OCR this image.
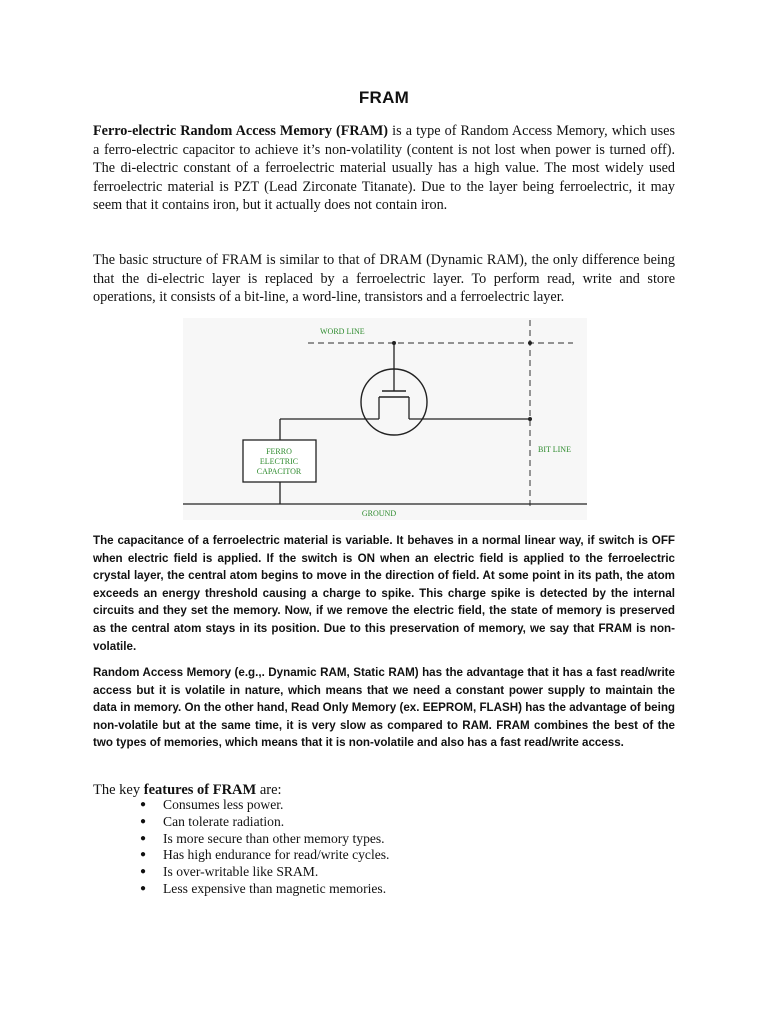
FRAM

Ferro-electric Random Access Memory (FRAM) is a type of Random Access Memory, which uses a ferro-electric capacitor to achieve it’s non-volatility (content is not lost when power is turned off). The di-electric constant of a ferroelectric material usually has a high value. The most widely used ferroelectric material is PZT (Lead Zirconate Titanate). Due to the layer being ferroelectric, it may seem that it contains iron, but it actually does not contain iron.

The basic structure of FRAM is similar to that of DRAM (Dynamic RAM), the only difference being that the di-electric layer is replaced by a ferroelectric layer. To perform read, write and store operations, it consists of a bit-line, a word-line, transistors and a ferroelectric layer.

FERRO
ELECTRIC
CAPACITOR
WORD LINE
BIT LINE
GROUND

The capacitance of a ferroelectric material is variable. It behaves in a normal linear way, if switch is OFF when electric field is applied. If the switch is ON when an electric field is applied to the ferroelectric crystal layer, the central atom begins to move in the direction of field. At some point in its path, the atom exceeds an energy threshold causing a charge to spike. This charge spike is detected by the internal circuits and they set the memory. Now, if we remove the electric field, the state of memory is preserved as the central atom stays in its position. Due to this preservation of memory, we say that FRAM is non-volatile.

Random Access Memory (e.g.,. Dynamic RAM, Static RAM) has the advantage that it has a fast read/write access but it is volatile in nature, which means that we need a constant power supply to maintain the data in memory. On the other hand, Read Only Memory (ex. EEPROM, FLASH) has the advantage of being non-volatile but at the same time, it is very slow as compared to RAM. FRAM combines the best of the two types of memories, which means that it is non-volatile and also has a fast read/write access.

The key features of FRAM are:

● Consumes less power.
● Can tolerate radiation.
● Is more secure than other memory types.
● Has high endurance for read/write cycles.
● Is over-writable like SRAM.
● Less expensive than magnetic memories.
